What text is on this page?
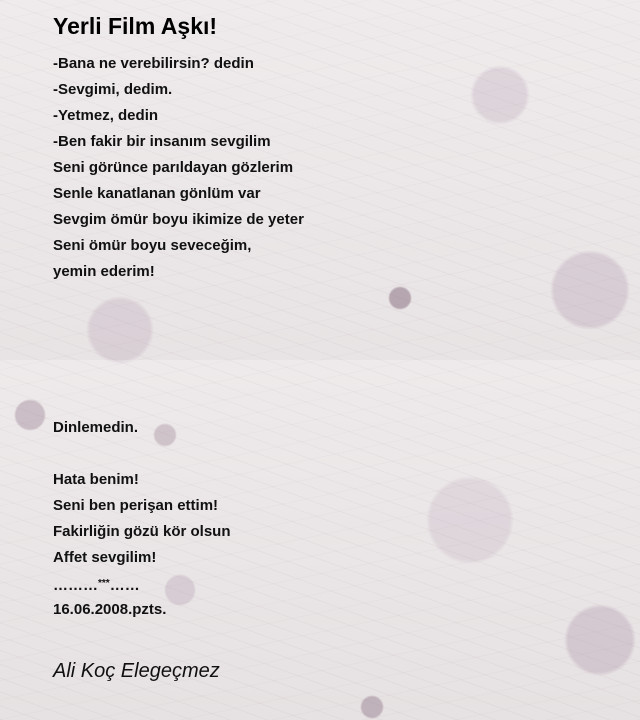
Yerli Film Aşkı!
-Bana ne verebilirsin? dedin
-Sevgimi, dedim.
-Yetmez, dedin
-Ben fakir bir insanım sevgilim
Seni görünce parıldayan gözlerim
Senle kanatlanan gönlüm var
Sevgim ömür boyu ikimize de yeter
Seni ömür boyu seveceğim,
yemin ederim!
Dinlemedin.
Hata benim!
Seni ben perişan ettim!
Fakirliğin gözü kör olsun
Affet sevgilim!
………***……
16.06.2008.pzts.
Ali Koç Elegeçmez
